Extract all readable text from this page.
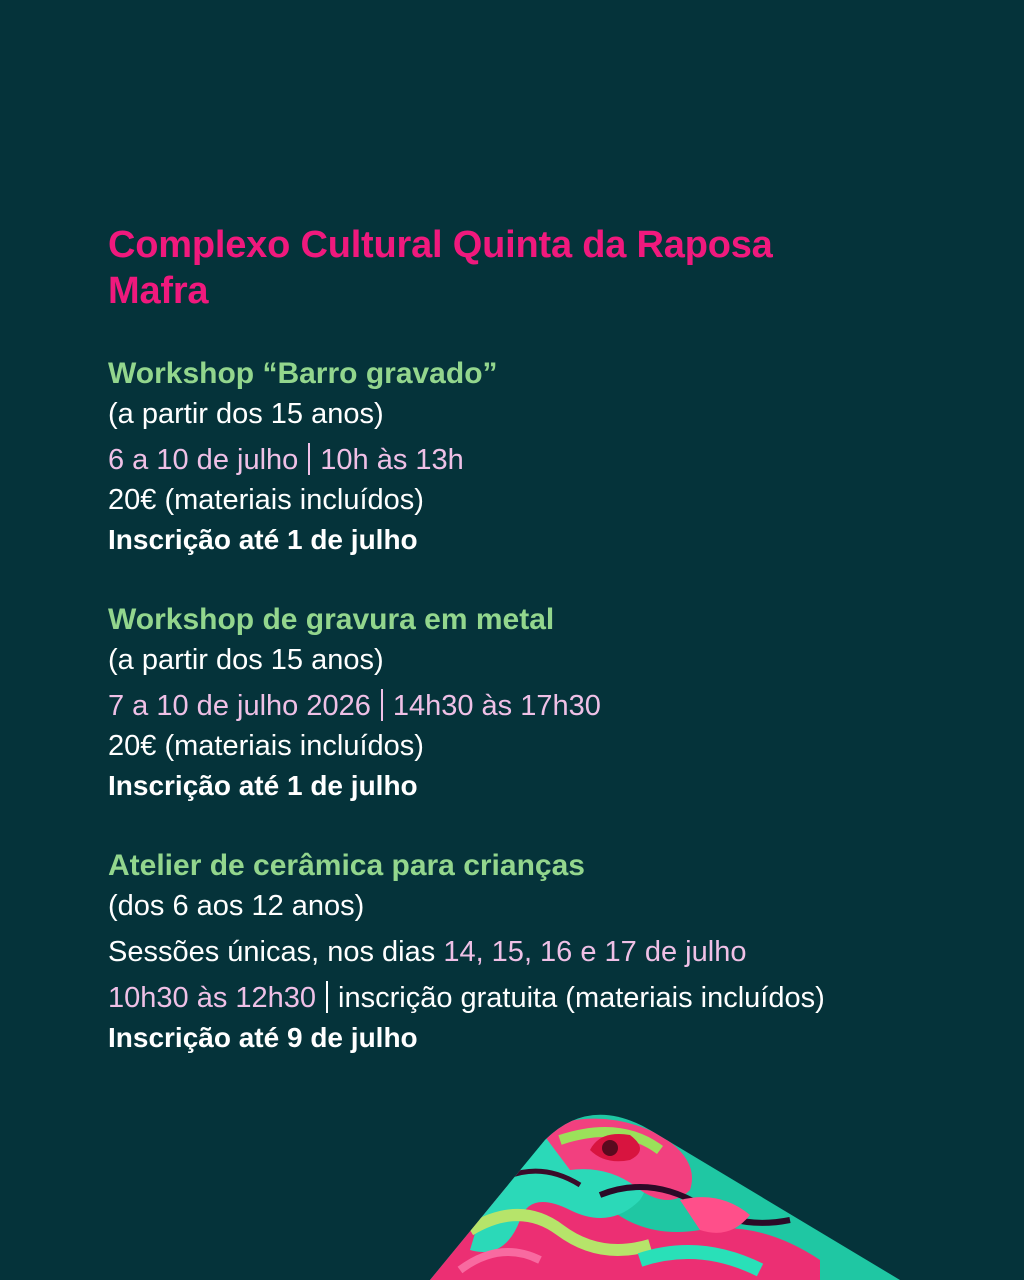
Complexo Cultural Quinta da Raposa

Mafra

Workshop “Barro gravado”

(a partir dos 15 anos)

6 a 10 de julho 10h às 13h

20€ (materiais incluídos)

Inscrição até 1 de julho

Workshop de gravura em metal

(a partir dos 15 anos)

7 a 10 de julho 2026 14h30 às 17h30

20€ (materiais incluídos)

Inscrição até 1 de julho

Atelier de cerâmica para crianças

(dos 6 aos 12 anos)

Sessões únicas, nos dias 14, 15, 16 e 17 de julho

10h30 às 12h30 inscrição gratuita (materiais incluídos)

Inscrição até 9 de julho
